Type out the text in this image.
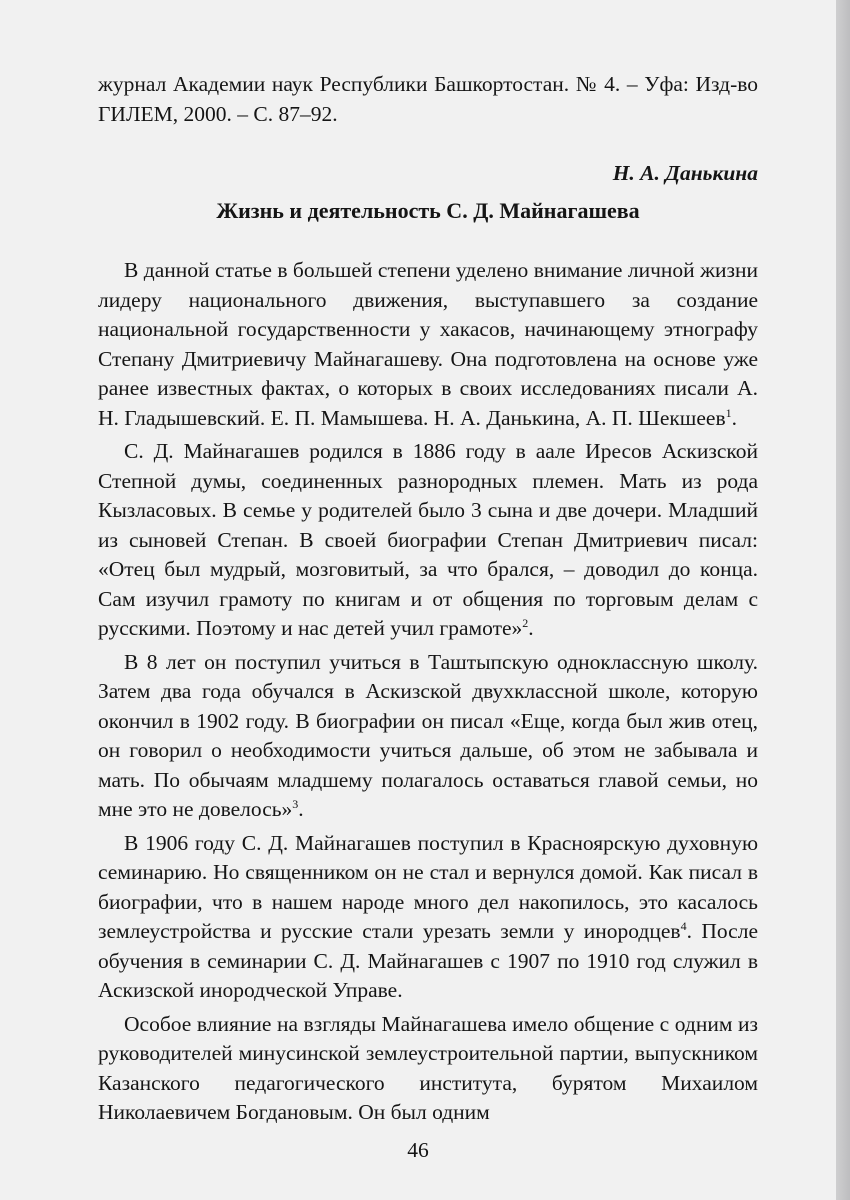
журнал Академии наук Республики Башкортостан. № 4. – Уфа: Изд-во ГИЛЕМ, 2000. – С. 87–92.

Н. А. Данькина

Жизнь и деятельность С. Д. Майнагашева

В данной статье в большей степени уделено внимание личной жизни лидеру национального движения, выступавшего за создание национальной государственности у хакасов, начинающему этнографу Степану Дмитриевичу Майнагашеву. Она подготовлена на основе уже ранее известных фактах, о которых в своих исследованиях писали А. Н. Гладышевский. Е. П. Мамышева. Н. А. Данькина, А. П. Шекшеев$^1$.

С. Д. Майнагашев родился в 1886 году в аале Иресов Аскизской Степной думы, соединенных разнородных племен. Мать из рода Кызласовых. В семье у родителей было 3 сына и две дочери. Младший из сыновей Степан. В своей биографии Степан Дмитриевич писал: «Отец был мудрый, мозговитый, за что брался, – доводил до конца. Сам изучил грамоту по книгам и от общения по торговым делам с русскими. Поэтому и нас детей учил грамоте»$^2$.

В 8 лет он поступил учиться в Таштыпскую одноклассную школу. Затем два года обучался в Аскизской двухклассной школе, которую окончил в 1902 году. В биографии он писал «Еще, когда был жив отец, он говорил о необходимости учиться дальше, об этом не забывала и мать. По обычаям младшему полагалось оставаться главой семьи, но мне это не довелось»$^3$.

В 1906 году С. Д. Майнагашев поступил в Красноярскую духовную семинарию. Но священником он не стал и вернулся домой. Как писал в биографии, что в нашем народе много дел накопилось, это касалось землеустройства и русские стали урезать земли у инородцев$^4$. После обучения в семинарии С. Д. Майнагашев с 1907 по 1910 год служил в Аскизской инородческой Управе.

Особое влияние на взгляды Майнагашева имело общение с одним из руководителей минусинской землеустроительной партии, выпускником Казанского педагогического института, бурятом Михаилом Николаевичем Богдановым. Он был одним

46
